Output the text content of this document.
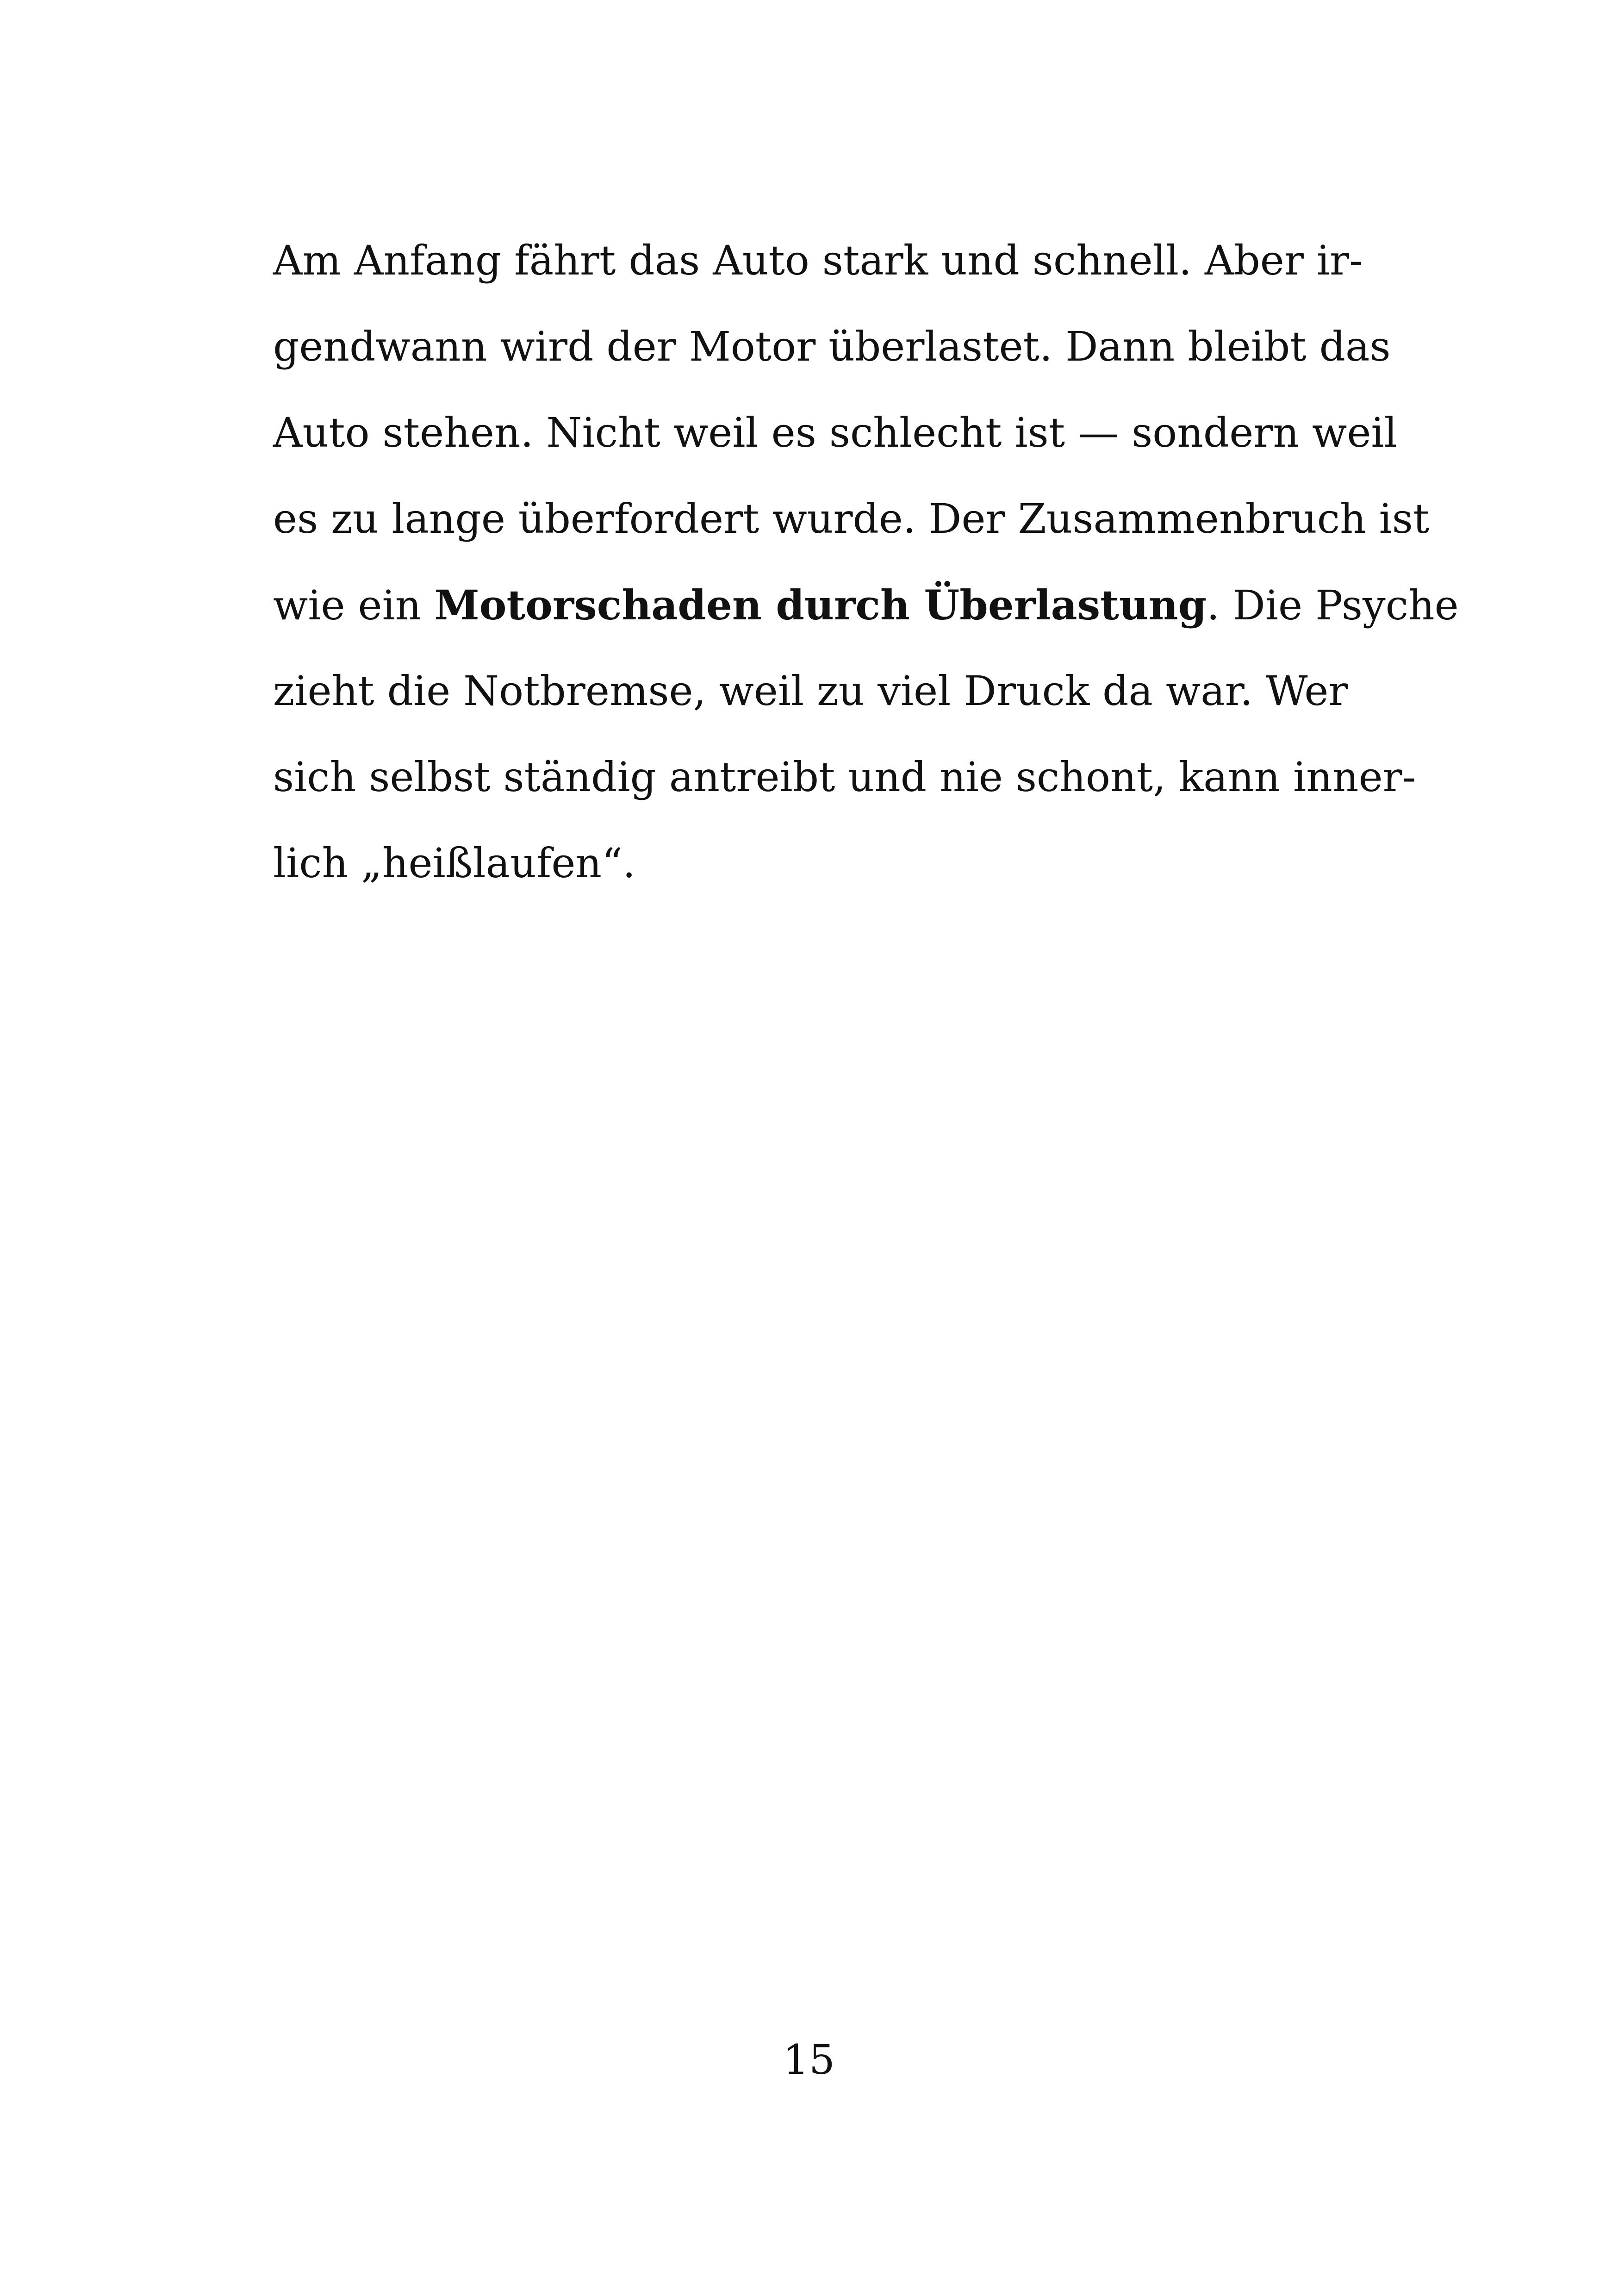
Am Anfang fährt das Auto stark und schnell. Aber ir-
gendwann wird der Motor überlastet. Dann bleibt das
Auto stehen. Nicht weil es schlecht ist — sondern weil
es zu lange überfordert wurde. Der Zusammenbruch ist
wie ein Motorschaden durch Überlastung. Die Psyche
zieht die Notbremse, weil zu viel Druck da war. Wer
sich selbst ständig antreibt und nie schont, kann inner-
lich „heißlaufen“.
15
